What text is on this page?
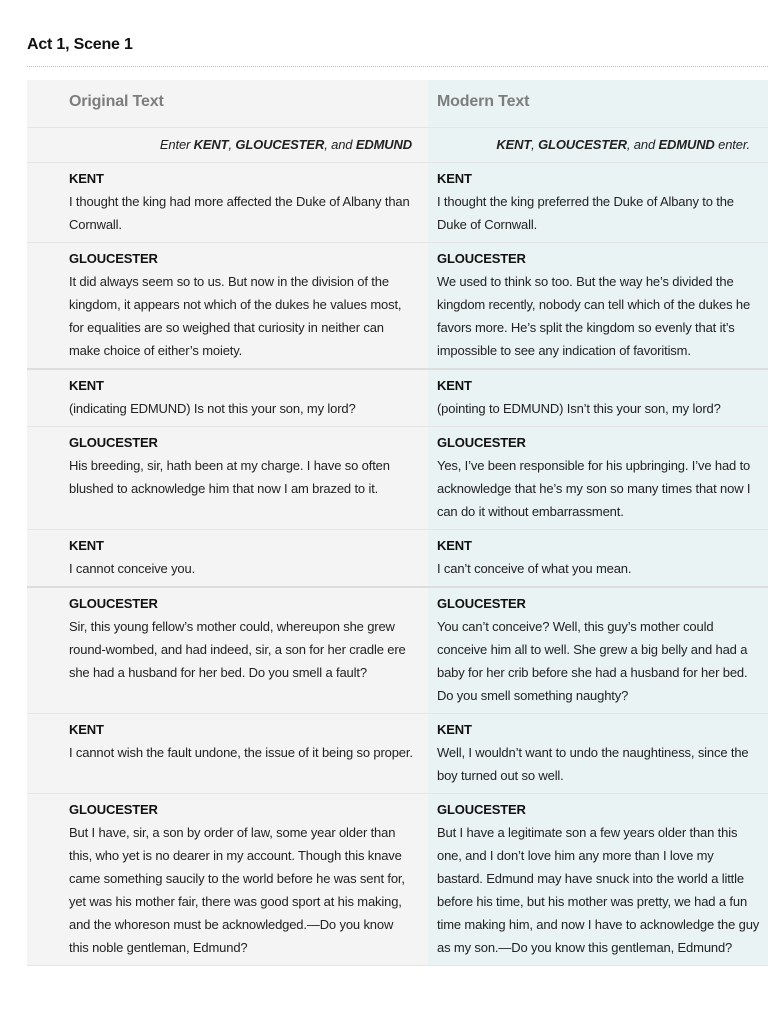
Act 1, Scene 1
Original Text	Modern Text
Enter KENT, GLOUCESTER, and EDMUND	KENT, GLOUCESTER, and EDMUND enter.
KENT
I thought the king had more affected the Duke of Albany than Cornwall.
KENT
I thought the king preferred the Duke of Albany to the Duke of Cornwall.
GLOUCESTER
It did always seem so to us. But now in the division of the kingdom, it appears not which of the dukes he values most, for equalities are so weighed that curiosity in neither can make choice of either’s moiety.
GLOUCESTER
We used to think so too. But the way he’s divided the kingdom recently, nobody can tell which of the dukes he favors more. He’s split the kingdom so evenly that it’s impossible to see any indication of favoritism.
KENT
(indicating EDMUND) Is not this your son, my lord?
KENT
(pointing to EDMUND) Isn’t this your son, my lord?
GLOUCESTER
His breeding, sir, hath been at my charge. I have so often blushed to acknowledge him that now I am brazed to it.
GLOUCESTER
Yes, I’ve been responsible for his upbringing. I’ve had to acknowledge that he’s my son so many times that now I can do it without embarrassment.
KENT
I cannot conceive you.
KENT
I can’t conceive of what you mean.
GLOUCESTER
Sir, this young fellow’s mother could, whereupon she grew round-wombed, and had indeed, sir, a son for her cradle ere she had a husband for her bed. Do you smell a fault?
GLOUCESTER
You can’t conceive? Well, this guy’s mother could conceive him all to well. She grew a big belly and had a baby for her crib before she had a husband for her bed. Do you smell something naughty?
KENT
I cannot wish the fault undone, the issue of it being so proper.
KENT
Well, I wouldn’t want to undo the naughtiness, since the boy turned out so well.
GLOUCESTER
But I have, sir, a son by order of law, some year older than this, who yet is no dearer in my account. Though this knave came something saucily to the world before he was sent for, yet was his mother fair, there was good sport at his making, and the whoreson must be acknowledged.—Do you know this noble gentleman, Edmund?
GLOUCESTER
But I have a legitimate son a few years older than this one, and I don’t love him any more than I love my bastard. Edmund may have snuck into the world a little before his time, but his mother was pretty, we had a fun time making him, and now I have to acknowledge the guy as my son.—Do you know this gentleman, Edmund?
